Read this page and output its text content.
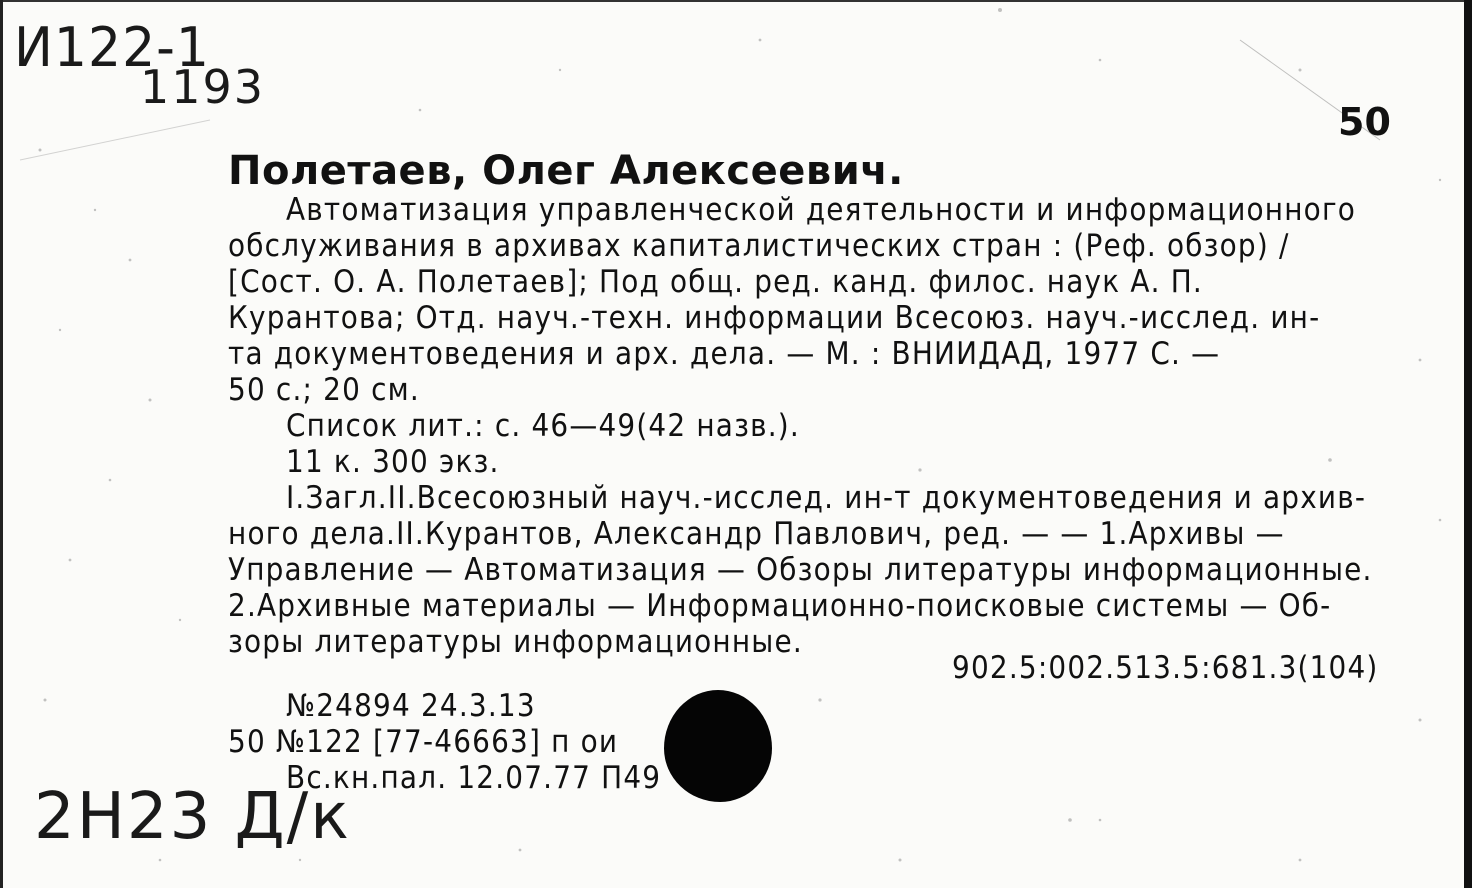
И122-1
1193
50
Полетаев, Олег Алексеевич.
Автоматизация управленческой деятельности и информационного
обслуживания в архивах капиталистических стран : (Реф. обзор) /
[Сост. О. А. Полетаев]; Под общ. ред. канд. филос. наук А. П.
Курантова; Отд. науч.-техн. информации Всесоюз. науч.-исслед. ин-
та документоведения и арх. дела. — М. : ВНИИДАД, 1977 С. —
50 с.; 20 см.
Список лит.: с. 46—49(42 назв.).
11 к. 300 экз.
I.Загл.II.Всесоюзный науч.-исслед. ин-т документоведения и архив-
ного дела.II.Курантов, Александр Павлович, ред. — — 1.Архивы —
Управление — Автоматизация — Обзоры литературы информационные.
2.Архивные материалы — Информационно-поисковые системы — Об-
зоры литературы информационные.
902.5:002.513.5:681.3(104)
№24894 24.3.13
50 №122 [77-46663] п ои
Вс.кн.пал. 12.07.77 П49
2Н23 Д/к
